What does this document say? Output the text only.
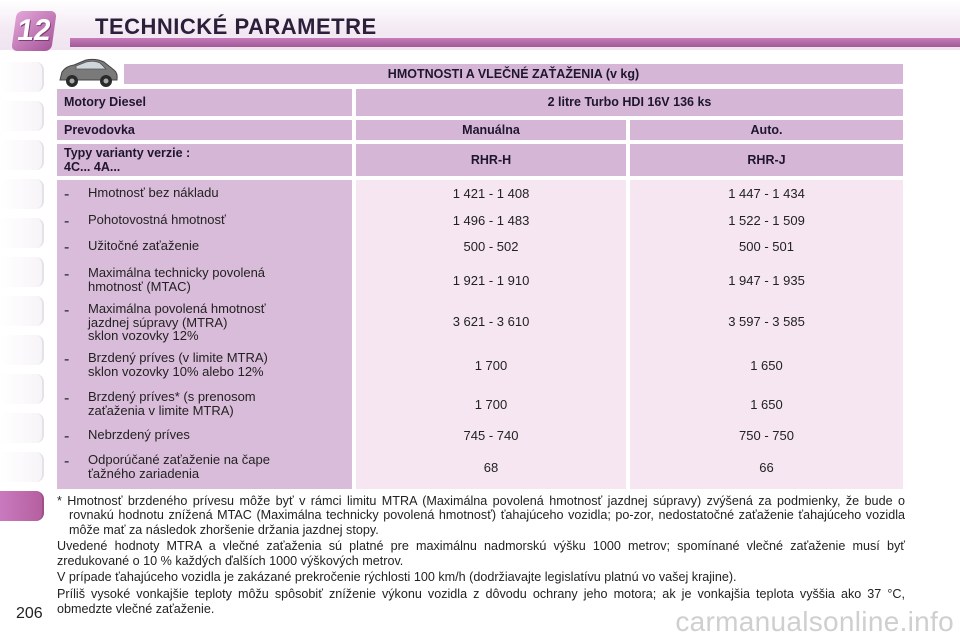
12 TECHNICKÉ PARAMETRE
206
HMOTNOSTI A VLEČNÉ ZAŤAŽENIA (v kg)
Motory Diesel	2 litre Turbo HDI 16V 136 ks
Prevodovka	Manuálna	Auto.
Typy varianty verzie :
4C... 4A...	RHR-H	RHR-J
- Hmotnosť bez nákladu	1 421 - 1 408	1 447 - 1 434
- Pohotovostná hmotnosť	1 496 - 1 483	1 522 - 1 509
- Užitočné zaťaženie	500 - 502	500 - 501
- Maximálna technicky povolená
hmotnosť (MTAC)	1 921 - 1 910	1 947 - 1 935
- Maximálna povolená hmotnosť
jazdnej súpravy (MTRA)
sklon vozovky 12%
3 621 - 3 610	3 597 - 3 585
- Brzdený príves (v limite MTRA)
sklon vozovky 10% alebo 12%	1 700	1 650
- Brzdený príves* (s prenosom
zaťaženia v limite MTRA)	1 700	1 650
- Nebrzdený príves	745 - 740	750 - 750
- Odporúčané zaťaženie na čape
ťažného zariadenia	68	66

* Hmotnosť brzdeného prívesu môže byť v rámci limitu MTRA (Maximálna povolená hmotnosť jazdnej súpravy) zvýšená za podmienky, že bude o rovnakú hodnotu znížená MTAC (Maximálna technicky povolená hmotnosť) ťahajúceho vozidla; po-zor, nedostatočné zaťaženie ťahajúceho vozidla môže mať za následok zhoršenie držania jazdnej stopy.

Uvedené hodnoty MTRA a vlečné zaťaženia sú platné pre maximálnu nadmorskú výšku 1000 metrov; spomínané vlečné zaťaženie musí byť zredukované o 10 % každých ďalších 1000 výškových metrov.

V prípade ťahajúceho vozidla je zakázané prekročenie rýchlosti 100 km/h (dodržiavajte legislatívu platnú vo vašej krajine).

Príliš vysoké vonkajšie teploty môžu spôsobiť zníženie výkonu vozidla z dôvodu ochrany jeho motora; ak je vonkajšia teplota vyššia ako 37 °C, obmedzte vlečné zaťaženie.	carmanualsonline.info
